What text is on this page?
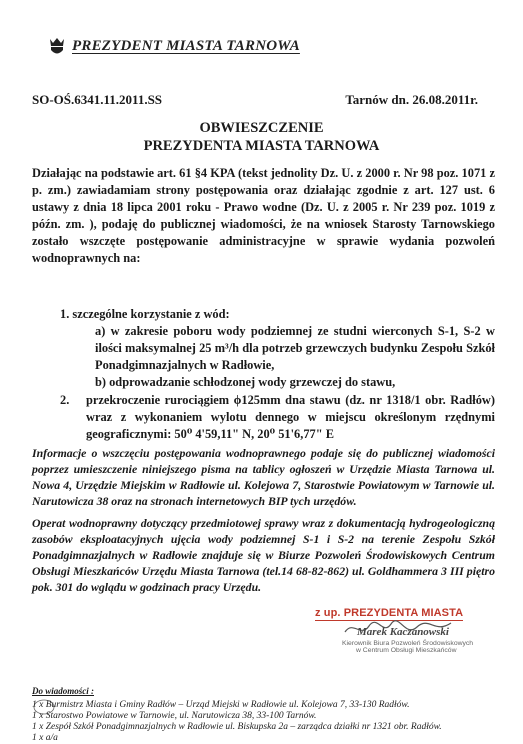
PREZYDENT MIASTA TARNOWA
SO-OŚ.6341.11.2011.SS	Tarnów dn. 26.08.2011r.
OBWIESZCZENIE
PREZYDENTA MIASTA TARNOWA
Działając na podstawie art. 61 §4 KPA (tekst jednolity Dz. U. z 2000 r. Nr 98 poz. 1071 z p. zm.) zawiadamiam strony postępowania oraz działając zgodnie z art. 127 ust. 6 ustawy z dnia 18 lipca 2001 roku - Prawo wodne (Dz. U. z 2005 r. Nr 239 poz. 1019 z późn. zm. ), podaję do publicznej wiadomości, że na wniosek Starosty Tarnowskiego zostało wszczęte postępowanie administracyjne w sprawie wydania pozwoleń wodnoprawnych na:
1. szczególne korzystanie z wód:
a) w zakresie poboru wody podziemnej ze studni wierconych S-1, S-2 w ilości maksymalnej 25 m³/h dla potrzeb grzewczych budynku Zespołu Szkół Ponadgimnazjalnych w Radłowie,
b) odprowadzanie schłodzonej wody grzewczej do stawu,
2. przekroczenie rurociągiem ϕ125mm dna stawu (dz. nr 1318/1 obr. Radłów) wraz z wykonaniem wylotu dennego w miejscu określonym rzędnymi geograficznymi: 50⁰ 4'59,11" N, 20⁰ 51'6,77" E
Informacje o wszczęciu postępowania wodnoprawnego podaje się do publicznej wiadomości poprzez umieszczenie niniejszego pisma na tablicy ogłoszeń w Urzędzie Miasta Tarnowa ul. Nowa 4, Urzędzie Miejskim w Radłowie ul. Kolejowa 7, Starostwie Powiatowym w Tarnowie ul. Narutowicza 38 oraz na stronach internetowych BIP tych urzędów.
Operat wodnoprawny dotyczący przedmiotowej sprawy wraz z dokumentacją hydrogeologiczną zasobów eksploatacyjnych ujęcia wody podziemnej S-1 i S-2 na terenie Zespołu Szkół Ponadgimnazjalnych w Radłowie znajduje się w Biurze Pozwoleń Środowiskowych Centrum Obsługi Mieszkańców Urzędu Miasta Tarnowa (tel.14 68-82-862) ul. Goldhammera 3 III piętro pok. 301 do wglądu w godzinach pracy Urzędu.
z up. PREZYDENTA MIASTA
Marek Kaczanowski
Kierownik Biura Pozwoleń Środowiskowych
w Centrum Obsługi Mieszkańców
Do wiadomości :
1 x Burmistrz Miasta i Gminy Radłów – Urząd Miejski w Radłowie ul. Kolejowa 7, 33-130 Radłów.
1 x Starostwo Powiatowe w Tarnowie, ul. Narutowicza 38, 33-100 Tarnów.
1 x Zespół Szkół Ponadgimnazjalnych w Radłowie ul. Biskupska 2a – zarządca działki nr 1321 obr. Radłów.
1 x a/a
